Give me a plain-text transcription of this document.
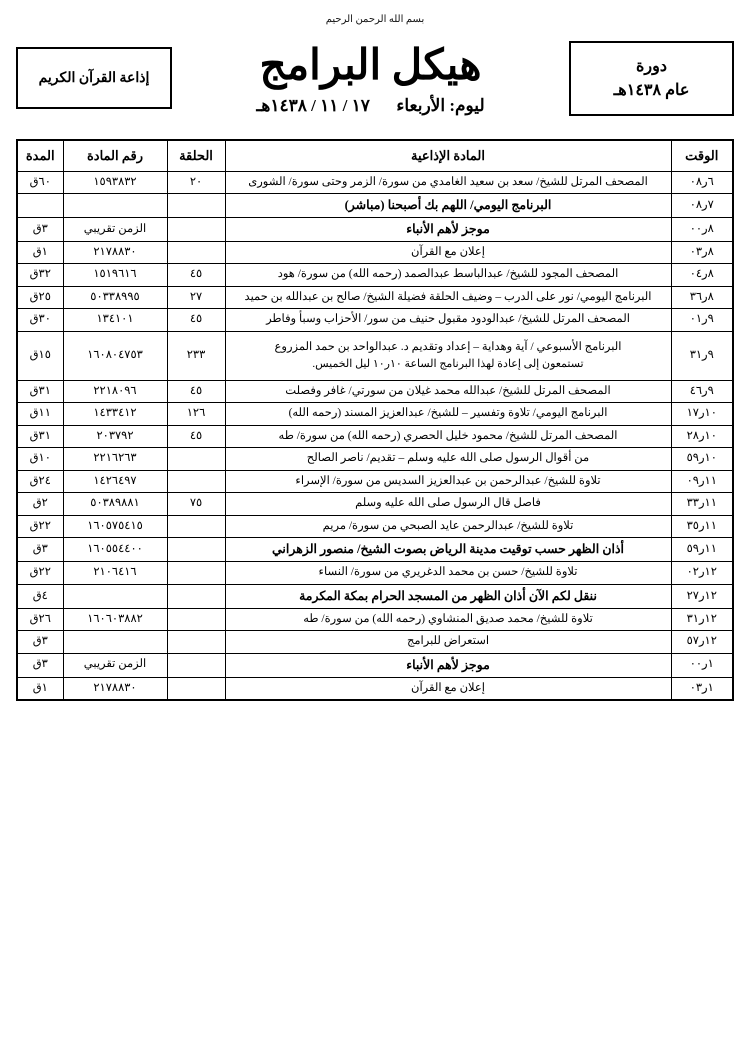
بسم الله الرحمن الرحيم
إذاعة القرآن الكريم	هيكل البرامج
ليوم: الأربعاء  ١٧ / ١١ / ١٤٣٨هـ
دورة
عام ١٤٣٨هـ
الوقت	المادة الإذاعية	الحلقة	رقم المادة	المدة
٦ر٠٨	المصحف المرتل للشيخ/ سعد بن سعيد الغامدي من سورة/ الزمر وحتى سورة/ الشورى	٢٠	١٥٩٣٨٣٢	٦٠ق
٧ر٠٨	البرنامج اليومي/ اللهم بك أصبحنا (مباشر)			
٨ر٠٠	موجز لأهم الأنباء		الزمن تقريبي	٣ق
٨ر٠٣	إعلان مع القرآن		٢١٧٨٨٣٠	١ق
٨ر٠٤	المصحف المجود للشيخ/ عبدالباسط عبدالصمد (رحمه الله) من سورة/ هود	٤٥	١٥١٩٦١٦	٣٢ق
٨ر٣٦	البرنامج اليومي/ نور على الدرب – وضيف الحلقة فضيلة الشيخ/ صالح بن عبدالله بن حميد	٢٧	٥٠٣٣٨٩٩٥	٢٥ق
٩ر٠١	المصحف المرتل للشيخ/ عبدالودود مقبول حنيف من سور/ الأحزاب وسبأ وفاطر	٤٥	١٣٤١٠١	٣٠ق
٩ر٣١	البرنامج الأسبوعي / آية وهداية – إعداد وتقديم د. عبدالواحد بن حمد المزروع
تستمعون إلى إعادة لهذا البرنامج الساعة ١٠ر١٠ ليل الخميس.	٢٣٣	١٦٠٨٠٤٧٥٣	١٥ق
٩ر٤٦	المصحف المرتل للشيخ/ عبدالله محمد غيلان من سورتي/ غافر وفصلت	٤٥	٢٢١٨٠٩٦	٣١ق
١٠ر١٧	البرنامج اليومي/ تلاوة وتفسير – للشيخ/ عبدالعزيز المسند (رحمه الله)	١٢٦	١٤٣٣٤١٢	١١ق
١٠ر٢٨	المصحف المرتل للشيخ/ محمود خليل الحصري (رحمه الله) من سورة/ طه	٤٥	٢٠٣٧٩٢	٣١ق
١٠ر٥٩	من أقوال الرسول صلى الله عليه وسلم – تقديم/ ناصر الصالح		٢٢١٦٢٦٣	١٠ق
١١ر٠٩	تلاوة للشيخ/ عبدالرحمن بن عبدالعزيز السديس من سورة/ الإسراء		١٤٢٦٤٩٧	٢٤ق
١١ر٣٣	فاصل قال الرسول صلى الله عليه وسلم	٧٥	٥٠٣٨٩٨٨١	٢ق
١١ر٣٥	تلاوة للشيخ/ عبدالرحمن عايد الصبحي من سورة/ مريم		١٦٠٥٧٥٤١٥	٢٢ق
١١ر٥٩	أذان الظهر حسب توقيت مدينة الرياض بصوت الشيخ/ منصور الزهراني		١٦٠٥٥٤٤٠٠	٣ق
١٢ر٠٢	تلاوة للشيخ/ حسن بن محمد الدغريري من سورة/ النساء		٢١٠٦٤١٦	٢٢ق
١٢ر٢٧	ننقل لكم الآن أذان الظهر من المسجد الحرام بمكة المكرمة			٤ق
١٢ر٣١	تلاوة للشيخ/ محمد صديق المنشاوي (رحمه الله) من سورة/ طه		١٦٠٦٠٣٨٨٢	٢٦ق
١٢ر٥٧	استعراض للبرامج			٣ق
١ر٠٠	موجز لأهم الأنباء		الزمن تقريبي	٣ق
١ر٠٣	إعلان مع القرآن		٢١٧٨٨٣٠	١ق
